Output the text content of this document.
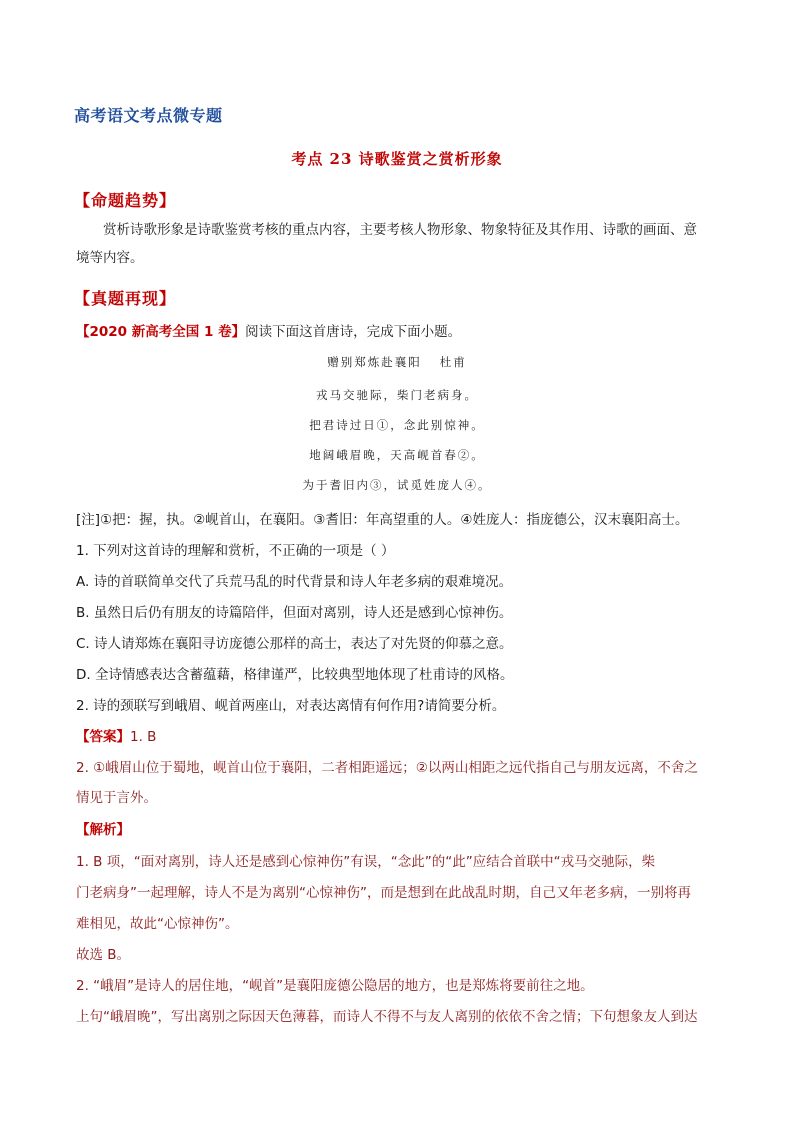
高考语文考点微专题
考点 23 诗歌鉴赏之赏析形象
【命题趋势】
赏析诗歌形象是诗歌鉴赏考核的重点内容，主要考核人物形象、物象特征及其作用、诗歌的画面、意
境等内容。
【真题再现】
【2020 新高考全国 1 卷】阅读下面这首唐诗，完成下面小题。
赠别郑炼赴襄阳 杜甫
戎马交驰际，柴门老病身。
把君诗过日①，念此别惊神。
地阔峨眉晚，天高岘首春②。
为于耆旧内③，试觅姓庞人④。
[注]①把：握，执。②岘首山，在襄阳。③耆旧：年高望重的人。④姓庞人：指庞德公，汉末襄阳高士。
1. 下列对这首诗的理解和赏析，不正确的一项是（ ）
A. 诗的首联简单交代了兵荒马乱的时代背景和诗人年老多病的艰难境况。
B. 虽然日后仍有朋友的诗篇陪伴，但面对离别，诗人还是感到心惊神伤。
C. 诗人请郑炼在襄阳寻访庞德公那样的高士，表达了对先贤的仰慕之意。
D. 全诗情感表达含蓄蕴藉，格律谨严，比较典型地体现了杜甫诗的风格。
2. 诗的颈联写到峨眉、岘首两座山，对表达离情有何作用?请简要分析。
【答案】1. B
2. ①峨眉山位于蜀地，岘首山位于襄阳，二者相距遥远；②以两山相距之远代指自己与朋友远离，不舍之
情见于言外。
【解析】
1. B 项，“面对离别，诗人还是感到心惊神伤”有误，“念此”的“此”应结合首联中“戎马交驰际，柴
门老病身”一起理解，诗人不是为离别“心惊神伤”，而是想到在此战乱时期，自己又年老多病，一别将再
难相见，故此“心惊神伤”。
故选 B。
2. “峨眉”是诗人的居住地，“岘首”是襄阳庞德公隐居的地方，也是郑炼将要前往之地。
上句“峨眉晚”，写出离别之际因天色薄暮，而诗人不得不与友人离别的依依不舍之情；下句想象友人到达
